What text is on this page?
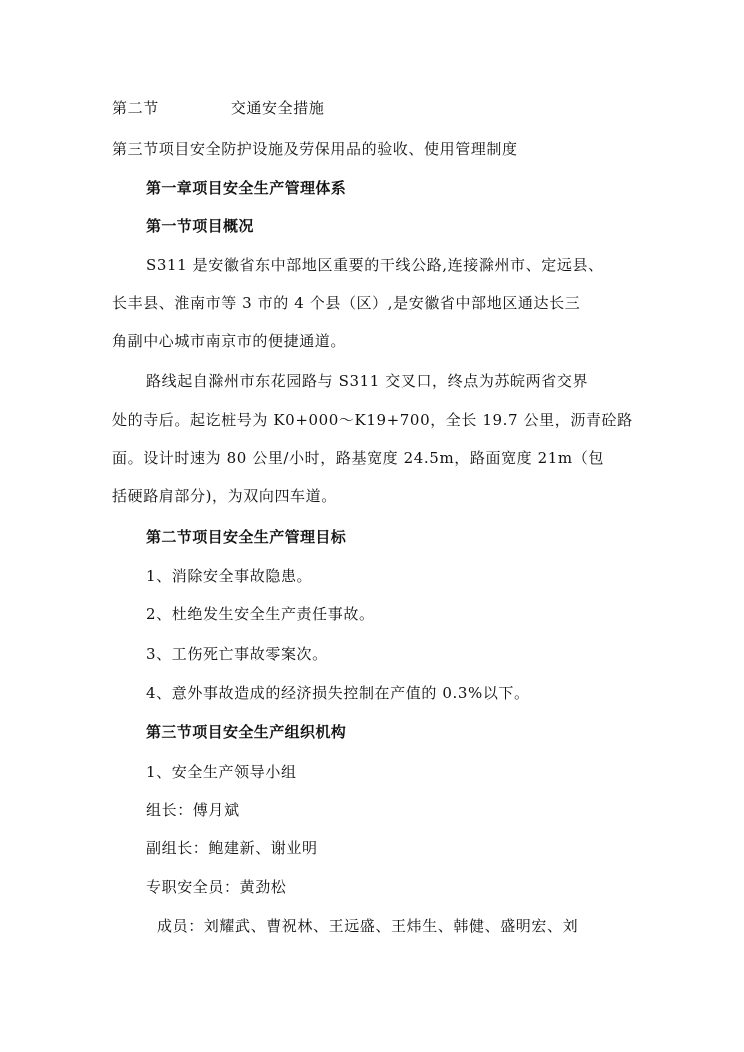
第二节	交通安全措施
第三节项目安全防护设施及劳保用品的验收、使用管理制度
第一章项目安全生产管理体系
第一节项目概况
S311 是安徽省东中部地区重要的干线公路,连接滁州市、定远县、
长丰县、淮南市等 3 市的 4 个县（区）,是安徽省中部地区通达长三
角副中心城市南京市的便捷通道。
路线起自滁州市东花园路与 S311 交叉口，终点为苏皖两省交界
处的寺后。起讫桩号为 K0+000～K19+700，全长 19.7 公里，沥青砼路
面。设计时速为 80 公里/小时，路基宽度 24.5m，路面宽度 21m（包
括硬路肩部分)，为双向四车道。
第二节项目安全生产管理目标
1、消除安全事故隐患。
2、杜绝发生安全生产责任事故。
3、工伤死亡事故零案次。
4、意外事故造成的经济损失控制在产值的 0.3%以下。
第三节项目安全生产组织机构
1、安全生产领导小组
组长：傅月斌
副组长：鲍建新、谢业明
专职安全员：黄劲松
成员：刘耀武、曹祝林、王远盛、王炜生、韩健、盛明宏、刘
